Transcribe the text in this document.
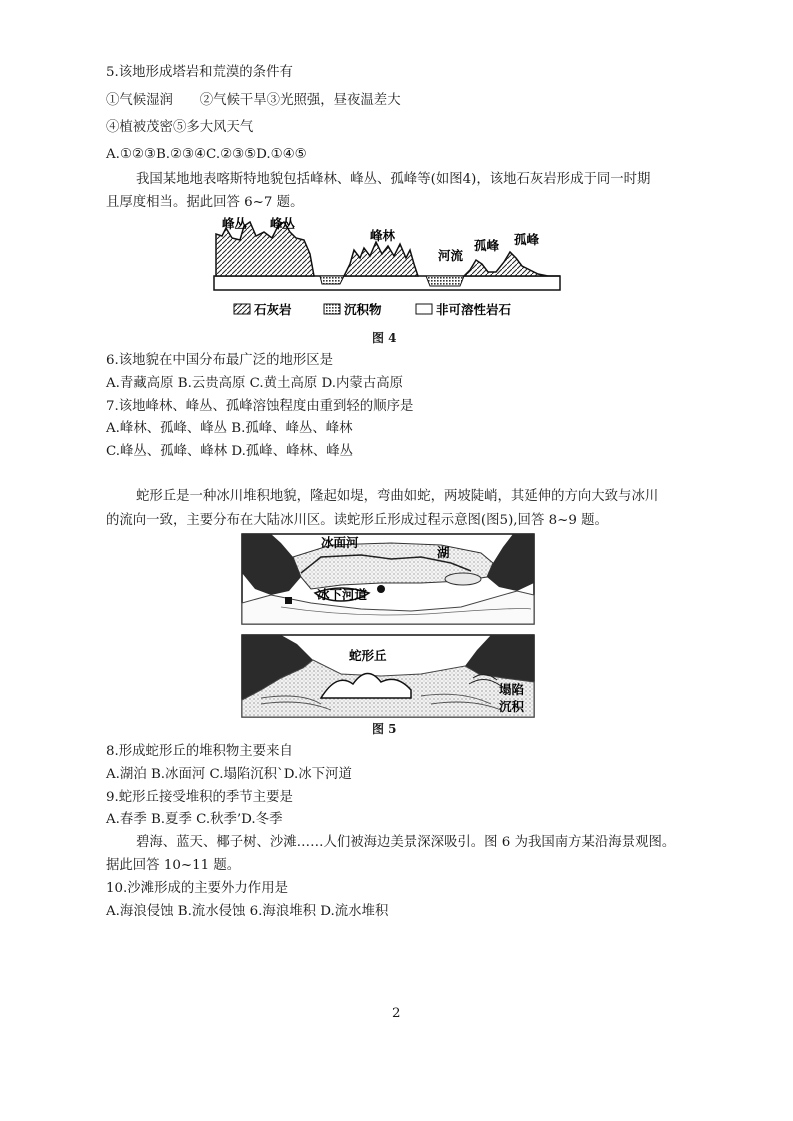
5.该地形成塔岩和荒漠的条件有
①气候湿润　　②气候干旱③光照强，昼夜温差大
④植被茂密⑤多大风天气
A.①②③B.②③④C.②③⑤D.①④⑤
我国某地地表喀斯特地貌包括峰林、峰丛、孤峰等(如图4)，该地石灰岩形成于同一时期
且厚度相当。据此回答 6~7 题。
峰丛 峰丛
峰林
河流
孤峰 孤峰
石灰岩	沉积物	非可溶性岩石
图 4
6.该地貌在中国分布最广泛的地形区是
A.青藏高原 B.云贵高原 C.黄土高原 D.内蒙古高原
7.该地峰林、峰丛、孤峰溶蚀程度由重到轻的顺序是
A.峰林、孤峰、峰丛 B.孤峰、峰丛、峰林
C.峰丛、孤峰、峰林 D.孤峰、峰林、峰丛
蛇形丘是一种冰川堆积地貌，隆起如堤，弯曲如蛇，两坡陡峭，其延伸的方向大致与冰川
的流向一致，主要分布在大陆冰川区。读蛇形丘形成过程示意图(图5),回答 8~9 题。
冰面河
湖
冰下河道
蛇形丘
塌陷
沉积
图 5
8.形成蛇形丘的堆积物主要来自
A.湖泊 B.冰面河 C.塌陷沉积`D.冰下河道
9.蛇形丘接受堆积的季节主要是
A.春季 B.夏季 C.秋季’D.冬季
碧海、蓝天、椰子树、沙滩……人们被海边美景深深吸引。图 6 为我国南方某沿海景观图。
据此回答 10~11 题。
10.沙滩形成的主要外力作用是
A.海浪侵蚀 B.流水侵蚀 6.海浪堆积 D.流水堆积
2
